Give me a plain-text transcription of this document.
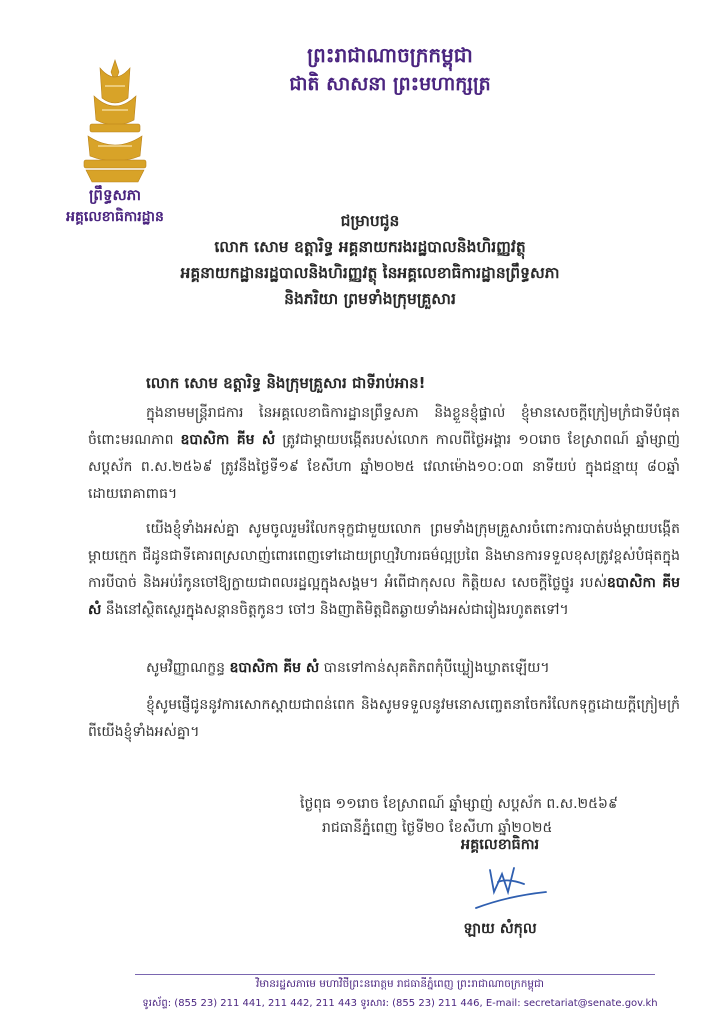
ព្រឹទ្ធសភា
អគ្គលេខាធិការដ្ឋាន
ព្រះរាជាណាចក្រកម្ពុជា
ជាតិ សាសនា ព្រះមហាក្សត្រ
ជម្រាបជូន
លោក សោម ឧត្តារិទ្ធ អគ្គនាយករងរដ្ឋបាលនិងហិរញ្ញវត្ថុ
អគ្គនាយកដ្ឋានរដ្ឋបាលនិងហិរញ្ញវត្ថុ នៃអគ្គលេខាធិការដ្ឋានព្រឹទ្ធសភា
និងភរិយា ព្រមទាំងក្រុមគ្រួសារ
លោក សោម ឧត្តារិទ្ធ និងក្រុមគ្រួសារ ជាទីរាប់អាន!
ក្នុងនាមមន្ត្រីរាជការ នៃអគ្គលេខាធិការដ្ឋានព្រឹទ្ធសភា និងខ្លួនខ្ញុំផ្ទាល់ ខ្ញុំមានសេចក្តីក្រៀមក្រំជាទីបំផុតចំពោះមរណភាព ឧបាសិកា គីម សំ ត្រូវជាម្តាយបង្កើតរបស់លោក កាលពីថ្ងៃអង្គារ ១០រោច ខែស្រាពណ៍ ឆ្នាំម្សាញ់ សប្តស័ក ព.ស.២៥៦៩ ត្រូវនឹងថ្ងៃទី១៩ ខែសីហា ឆ្នាំ២០២៥ វេលាម៉ោង១០:០៣ នាទីយប់ ក្នុងជន្មាយុ ៨០ឆ្នាំ ដោយរោគាពាធ។
យើងខ្ញុំទាំងអស់គ្នា សូមចូលរួមរំលែកទុក្ខជាមួយលោក ព្រមទាំងក្រុមគ្រួសារចំពោះការបាត់បង់ម្តាយបង្កើត ម្តាយក្មេក ជីដូនជាទីគោរពស្រលាញ់ពោរពេញទៅដោយព្រហ្មវិហារធម៌ល្អប្រពៃ និងមានការទទួលខុសត្រូវខ្ពស់បំផុតក្នុងការបីបាច់ និងអប់រំកូនចៅឱ្យក្លាយជាពលរដ្ឋល្អក្នុងសង្គម។ អំពើជាកុសល កិត្តិយស សេចក្តីថ្លៃថ្នូរ របស់ឧបាសិកា គីម សំ នឹងនៅស្ថិតស្ថេរក្នុងសន្តានចិត្តកូនៗ ចៅៗ និងញាតិមិត្តជិតឆ្ងាយទាំងអស់ជារៀងរហូតតទៅ។
សូមវិញ្ញាណក្ខន្ធ ឧបាសិកា គីម សំ បានទៅកាន់សុគតិភពកុំបីឃ្លៀងឃ្លាតឡើយ។
ខ្ញុំសូមផ្ញើជូននូវការសោកស្តាយជាពន់ពេក និងសូមទទួលនូវមនោសញ្ចេតនាចែករំលែកទុក្ខដោយក្តីក្រៀមក្រំ ពីយើងខ្ញុំទាំងអស់គ្នា។
ថ្ងៃពុធ ១១រោច ខែស្រាពណ៍ ឆ្នាំម្សាញ់ សប្តស័ក ព.ស.២៥៦៩
រាជធានីភ្នំពេញ ថ្ងៃទី២០ ខែសីហា ឆ្នាំ២០២៥
អគ្គលេខាធិការ
ឡាយ សំកុល
វិមានរដ្ឋសភាមេ មហាវិថីព្រះនរោត្តម រាជធានីភ្នំពេញ ព្រះរាជាណាចក្រកម្ពុជា
ទូរស័ព្ទ: (855 23) 211 441, 211 442, 211 443 ទូរសារ: (855 23) 211 446, E-mail: secretariat@senate.gov.kh
